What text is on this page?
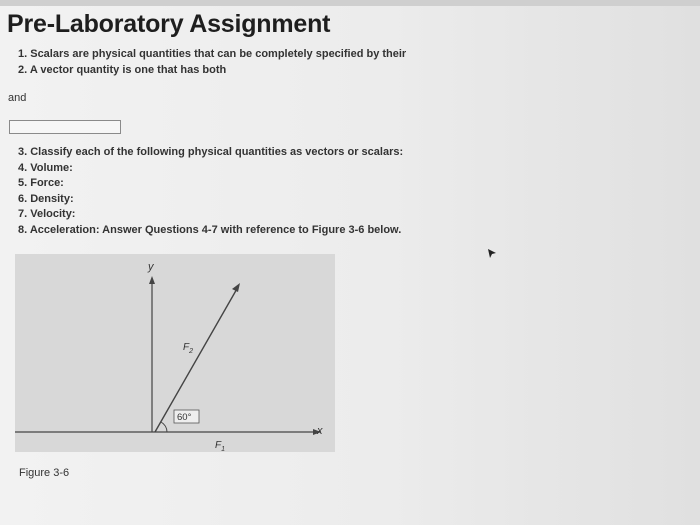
Pre-Laboratory Assignment
1. Scalars are physical quantities that can be completely specified by their
2. A vector quantity is one that has both
and
3. Classify each of the following physical quantities as vectors or scalars:
4. Volume:
5. Force:
6. Density:
7. Velocity:
8. Acceleration: Answer Questions 4-7 with reference to Figure 3-6 below.
y
x
$F_2$
$F_1$
60°
Figure 3-6
